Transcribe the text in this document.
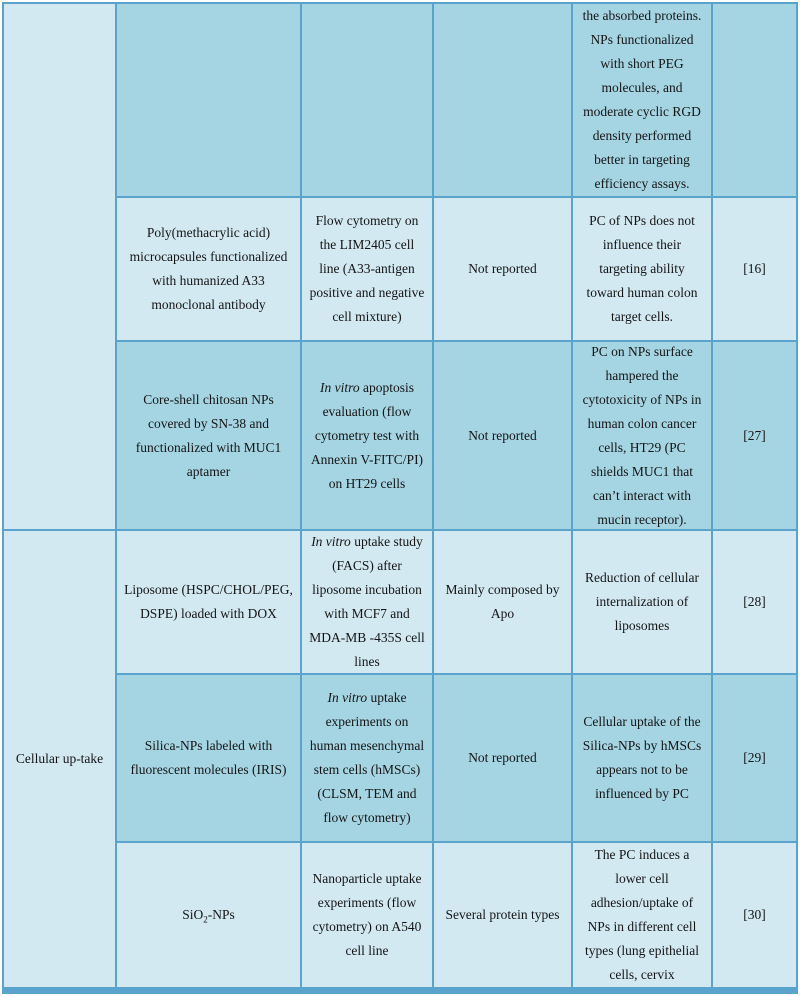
Cellular up-take
the absorbed proteins. NPs functionalized with short PEG molecules, and moderate cyclic RGD density performed better in targeting efficiency assays.
Poly(methacrylic acid) microcapsules functionalized with humanized A33 monoclonal antibody
Flow cytometry on the LIM2405 cell line (A33-antigen positive and negative cell mixture)
Not reported
PC of NPs does not influence their targeting ability toward human colon target cells.
[16]
Core-shell chitosan NPs covered by SN-38 and functionalized with MUC1 aptamer
In vitro apoptosis evaluation (flow cytometry test with Annexin V-FITC/PI) on HT29 cells
Not reported
PC on NPs surface hampered the cytotoxicity of NPs in human colon cancer cells, HT29 (PC shields MUC1 that can’t interact with mucin receptor).
[27]
Liposome (HSPC/CHOL/PEG, DSPE) loaded with DOX
In vitro uptake study (FACS) after liposome incubation with MCF7 and MDA-MB -435S cell lines
Mainly composed by Apo
Reduction of cellular internalization of liposomes
[28]
Silica-NPs labeled with fluorescent molecules (IRIS)
In vitro uptake experiments on human mesenchymal stem cells (hMSCs) (CLSM, TEM and flow cytometry)
Not reported
Cellular uptake of the Silica-NPs by hMSCs appears not to be influenced by PC
[29]
SiO$_2$-NPs
Nanoparticle uptake experiments (flow cytometry) on A540 cell line
Several protein types
The PC induces a lower cell adhesion/uptake of NPs in different cell types (lung epithelial cells, cervix
[30]
